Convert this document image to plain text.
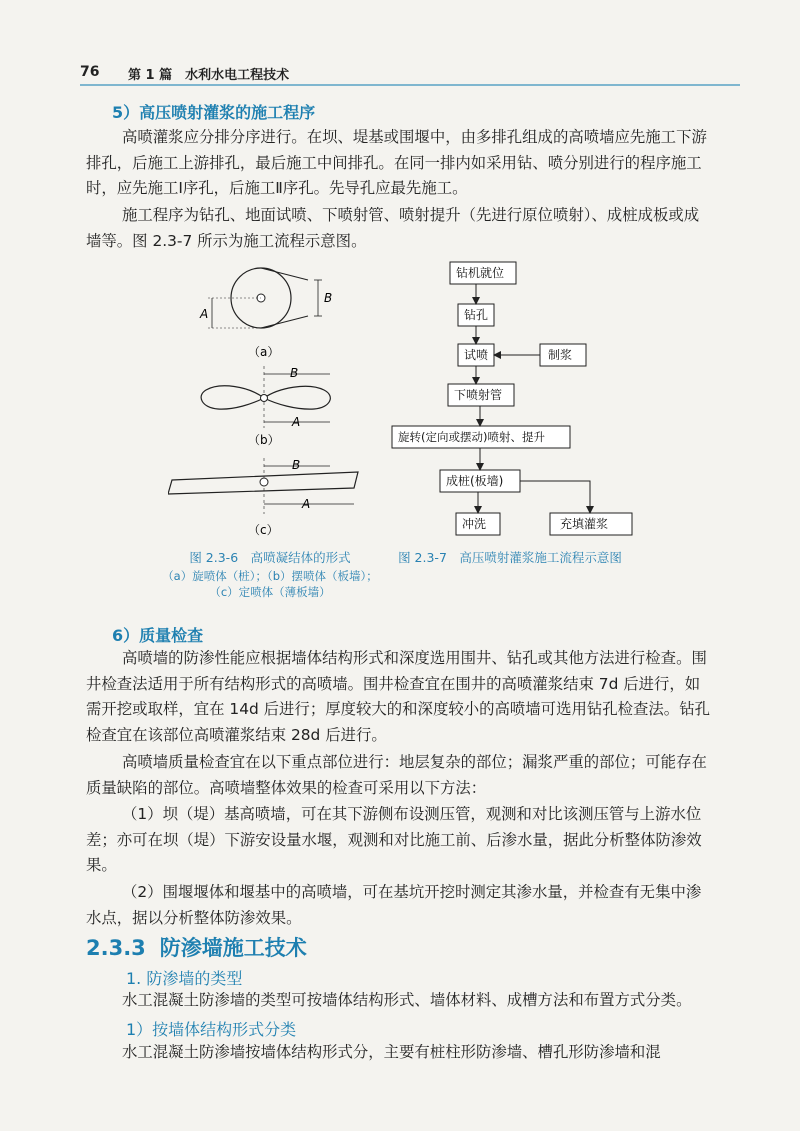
76 第 1 篇　水利水电工程技术
5）高压喷射灌浆的施工程序

高喷灌浆应分排分序进行。在坝、堤基或围堰中，由多排孔组成的高喷墙应先施工下游排孔，后施工上游排孔，最后施工中间排孔。在同一排内如采用钻、喷分别进行的程序施工时，应先施工Ⅰ序孔，后施工Ⅱ序孔。先导孔应最先施工。

施工程序为钻孔、地面试喷、下喷射管、喷射提升（先进行原位喷射）、成桩成板或成墙等。图 2.3-7 所示为施工流程示意图。

B
A
（a）
B
A
（b）
B
A
（c）
图 2.3-6　高喷凝结体的形式
（a）旋喷体（桩）；（b）摆喷体（板墙）；
（c）定喷体（薄板墙）
钻机就位
钻孔
试喷	制浆
下喷射管
旋转(定向或摆动)喷射、提升
成桩(板墙)
冲洗	充填灌浆
图 2.3-7　高压喷射灌浆施工流程示意图
6）质量检查

高喷墙的防渗性能应根据墙体结构形式和深度选用围井、钻孔或其他方法进行检查。围井检查法适用于所有结构形式的高喷墙。围井检查宜在围井的高喷灌浆结束 7d 后进行，如需开挖或取样，宜在 14d 后进行；厚度较大的和深度较小的高喷墙可选用钻孔检查法。钻孔检查宜在该部位高喷灌浆结束 28d 后进行。

高喷墙质量检查宜在以下重点部位进行：地层复杂的部位；漏浆严重的部位；可能存在质量缺陷的部位。高喷墙整体效果的检查可采用以下方法：

（1）坝（堤）基高喷墙，可在其下游侧布设测压管，观测和对比该测压管与上游水位差；亦可在坝（堤）下游安设量水堰，观测和对比施工前、后渗水量，据此分析整体防渗效果。

（2）围堰堰体和堰基中的高喷墙，可在基坑开挖时测定其渗水量，并检查有无集中渗水点，据以分析整体防渗效果。

2.3.3 防渗墙施工技术
1. 防渗墙的类型

水工混凝土防渗墙的类型可按墙体结构形式、墙体材料、成槽方法和布置方式分类。

1）按墙体结构形式分类

水工混凝土防渗墙按墙体结构形式分，主要有桩柱形防渗墙、槽孔形防渗墙和混
